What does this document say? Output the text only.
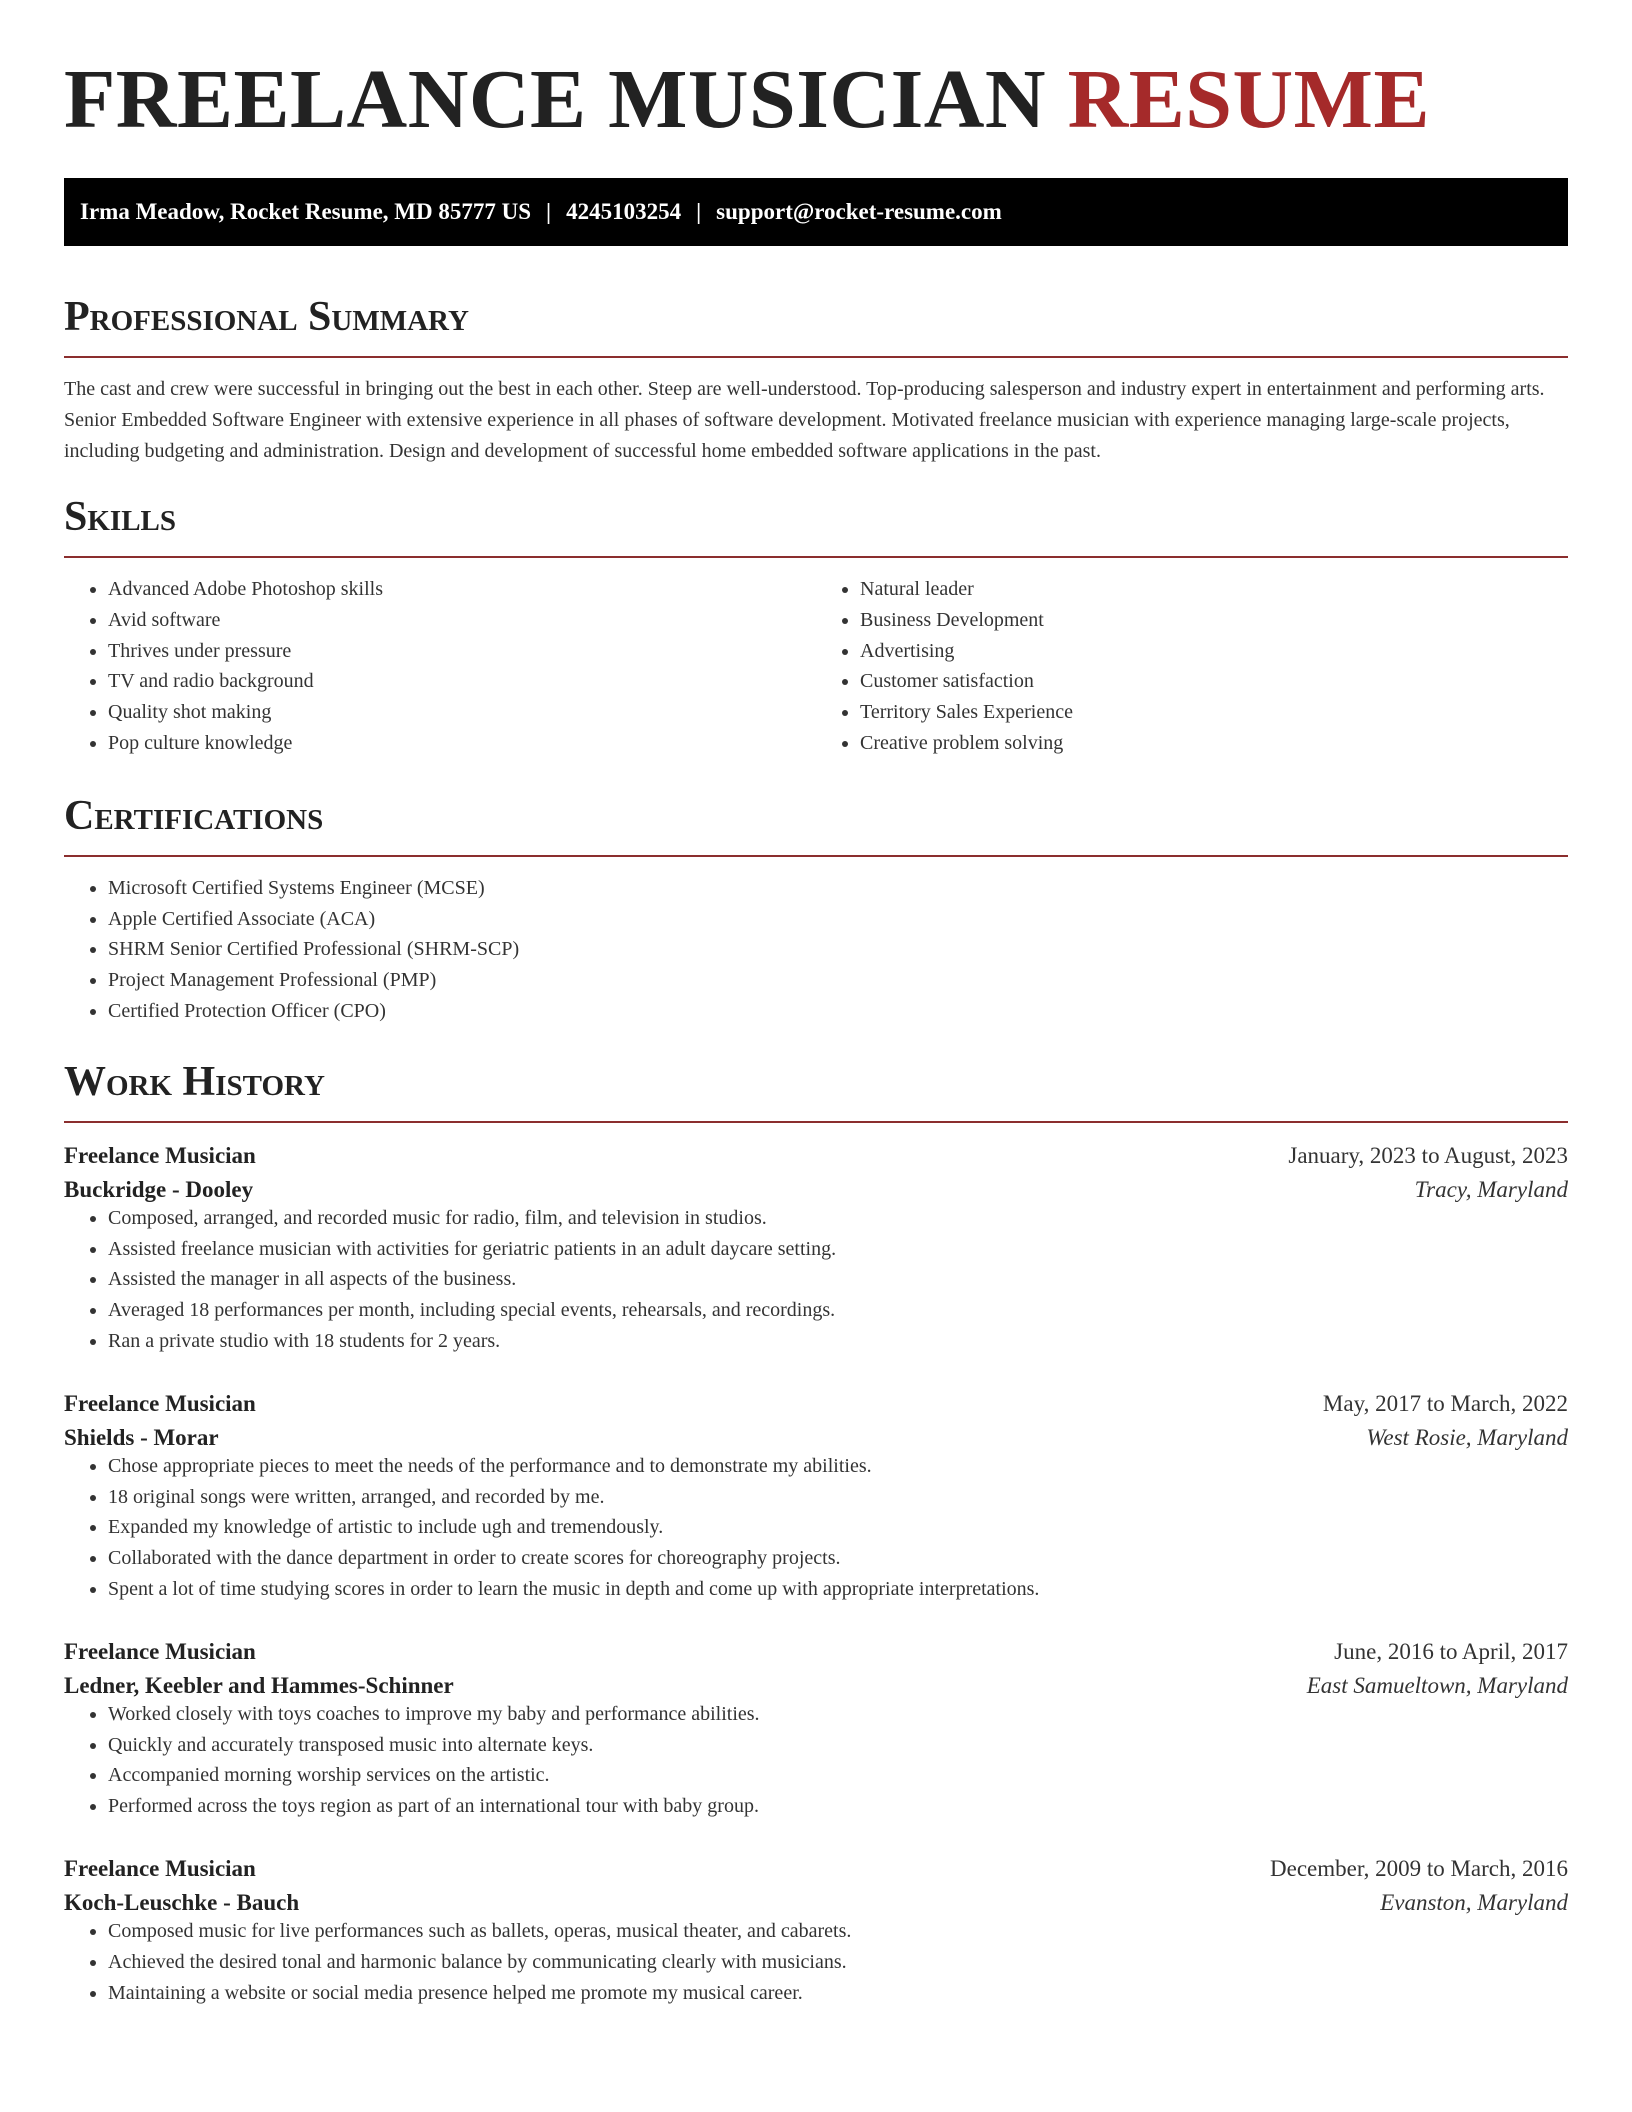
FREELANCE MUSICIAN RESUME
Irma Meadow, Rocket Resume, MD 85777 US | 4245103254 | support@rocket-resume.com
Professional Summary

The cast and crew were successful in bringing out the best in each other. Steep are well-understood. Top-producing salesperson and industry expert in entertainment and performing arts. Senior Embedded Software Engineer with extensive experience in all phases of software development. Motivated freelance musician with experience managing large-scale projects, including budgeting and administration. Design and development of successful home embedded software applications in the past.

Skills
• Advanced Adobe Photoshop skills
• Avid software
• Thrives under pressure
• TV and radio background
• Quality shot making
• Pop culture knowledge
• Natural leader
• Business Development
• Advertising
• Customer satisfaction
• Territory Sales Experience
• Creative problem solving
Certifications
• Microsoft Certified Systems Engineer (MCSE)
• Apple Certified Associate (ACA)
• SHRM Senior Certified Professional (SHRM-SCP)
• Project Management Professional (PMP)
• Certified Protection Officer (CPO)
Work History
Freelance Musician	January, 2023 to August, 2023
Buckridge - Dooley	Tracy, Maryland
• Composed, arranged, and recorded music for radio, film, and television in studios.
• Assisted freelance musician with activities for geriatric patients in an adult daycare setting.
• Assisted the manager in all aspects of the business.
• Averaged 18 performances per month, including special events, rehearsals, and recordings.
• Ran a private studio with 18 students for 2 years.
Freelance Musician	May, 2017 to March, 2022
Shields - Morar	West Rosie, Maryland
• Chose appropriate pieces to meet the needs of the performance and to demonstrate my abilities.
• 18 original songs were written, arranged, and recorded by me.
• Expanded my knowledge of artistic to include ugh and tremendously.
• Collaborated with the dance department in order to create scores for choreography projects.
• Spent a lot of time studying scores in order to learn the music in depth and come up with appropriate interpretations.
Freelance Musician	June, 2016 to April, 2017
Ledner, Keebler and Hammes-Schinner	East Samueltown, Maryland
• Worked closely with toys coaches to improve my baby and performance abilities.
• Quickly and accurately transposed music into alternate keys.
• Accompanied morning worship services on the artistic.
• Performed across the toys region as part of an international tour with baby group.
Freelance Musician	December, 2009 to March, 2016
Koch-Leuschke - Bauch	Evanston, Maryland
• Composed music for live performances such as ballets, operas, musical theater, and cabarets.
• Achieved the desired tonal and harmonic balance by communicating clearly with musicians.
• Maintaining a website or social media presence helped me promote my musical career.
